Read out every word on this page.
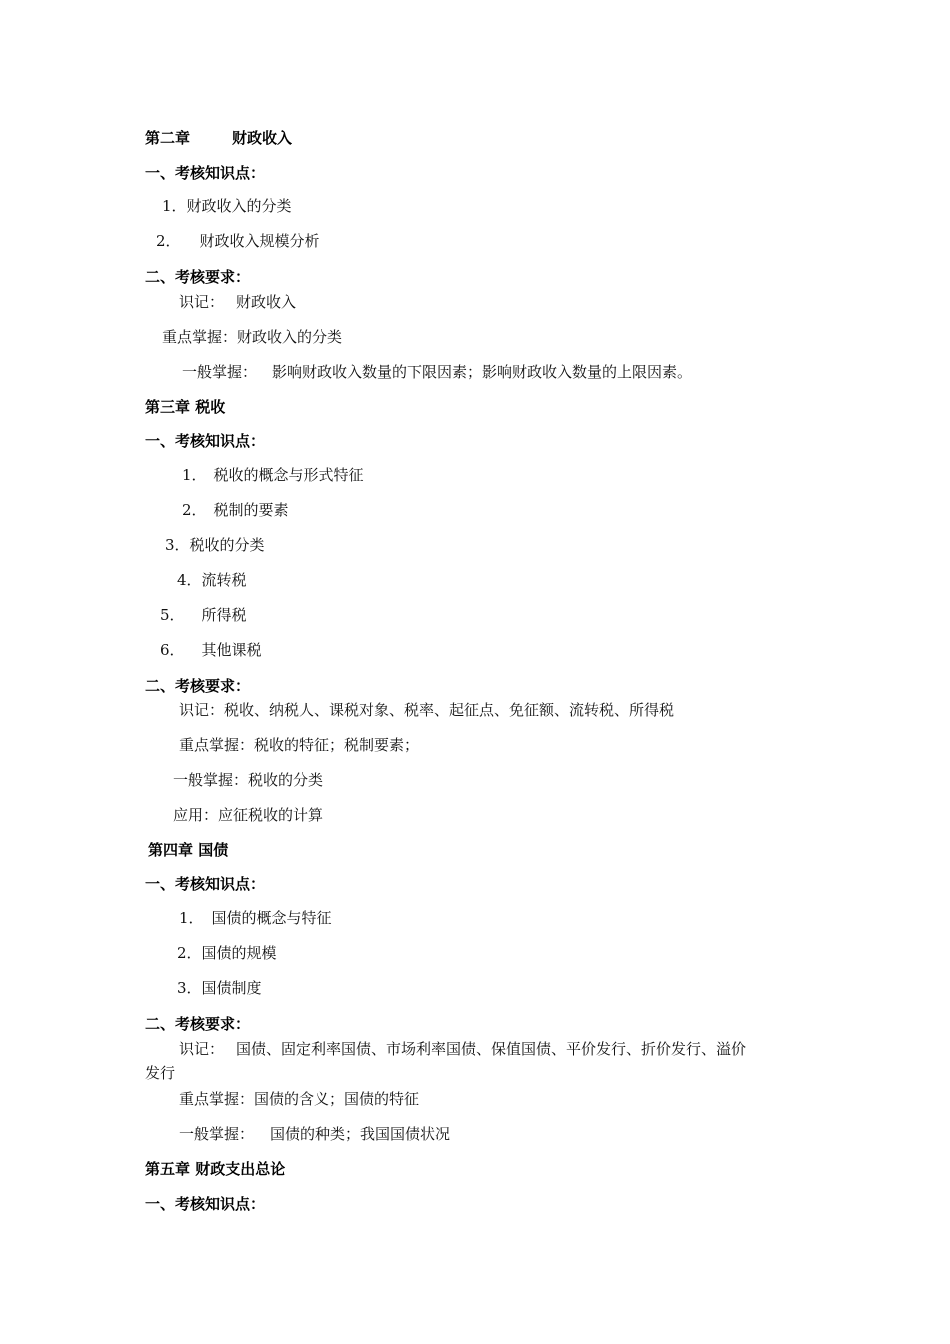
第二章	财政收入
一、考核知识点：
1．财政收入的分类
2． 财政收入规模分析
二、考核要求：
识记： 财政收入
重点掌握：财政收入的分类
一般掌握： 影响财政收入数量的下限因素；影响财政收入数量的上限因素。
第三章 税收
一、考核知识点：
1． 税收的概念与形式特征
2． 税制的要素
3．税收的分类
4．流转税
5． 所得税
6． 其他课税
二、考核要求：
识记：税收、纳税人、课税对象、税率、起征点、免征额、流转税、所得税
重点掌握：税收的特征；税制要素；
一般掌握：税收的分类
应用：应征税收的计算
第四章 国债
一、考核知识点：
1． 国债的概念与特征
2．国债的规模
3．国债制度
二、考核要求：
识记： 国债、固定利率国债、市场利率国债、保值国债、平价发行、折价发行、溢价
发行
重点掌握：国债的含义；国债的特征
一般掌握： 国债的种类；我国国债状况
第五章 财政支出总论
一、考核知识点：
